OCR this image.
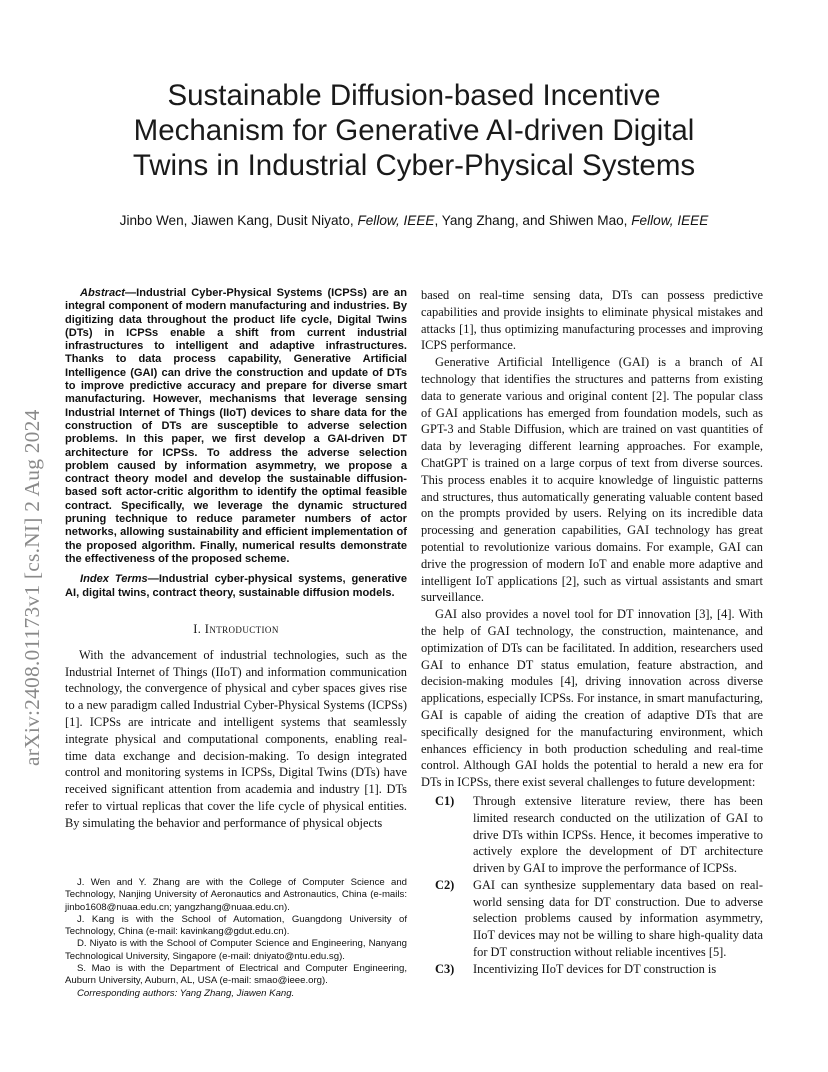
Sustainable Diffusion-based Incentive
Mechanism for Generative AI-driven Digital
Twins in Industrial Cyber-Physical Systems
Jinbo Wen, Jiawen Kang, Dusit Niyato, Fellow, IEEE, Yang Zhang, and Shiwen Mao, Fellow, IEEE
arXiv:2408.01173v1 [cs.NI] 2 Aug 2024

Abstract—Industrial Cyber-Physical Systems (ICPSs) are an integral component of modern manufacturing and industries. By digitizing data throughout the product life cycle, Digital Twins (DTs) in ICPSs enable a shift from current industrial infrastructures to intelligent and adaptive infrastructures. Thanks to data process capability, Generative Artificial Intelligence (GAI) can drive the construction and update of DTs to improve predictive accuracy and prepare for diverse smart manufacturing. However, mechanisms that leverage sensing Industrial Internet of Things (IIoT) devices to share data for the construction of DTs are susceptible to adverse selection problems. In this paper, we first develop a GAI-driven DT architecture for ICPSs. To address the adverse selection problem caused by information asymmetry, we propose a contract theory model and develop the sustainable diffusion-based soft actor-critic algorithm to identify the optimal feasible contract. Specifically, we leverage the dynamic structured pruning technique to reduce parameter numbers of actor networks, allowing sustainability and efficient implementation of the proposed algorithm. Finally, numerical results demonstrate the effectiveness of the proposed scheme.

Index Terms—Industrial cyber-physical systems, generative AI, digital twins, contract theory, sustainable diffusion models.

I. Introduction

With the advancement of industrial technologies, such as the Industrial Internet of Things (IIoT) and information communication technology, the convergence of physical and cyber spaces gives rise to a new paradigm called Industrial Cyber-Physical Systems (ICPSs) [1]. ICPSs are intricate and intelligent systems that seamlessly integrate physical and computational components, enabling real-time data exchange and decision-making. To design integrated control and monitoring systems in ICPSs, Digital Twins (DTs) have received significant attention from academia and industry [1]. DTs refer to virtual replicas that cover the life cycle of physical entities. By simulating the behavior and performance of physical objects

J. Wen and Y. Zhang are with the College of Computer Science and Technology, Nanjing University of Aeronautics and Astronautics, China (e-mails: jinbo1608@nuaa.edu.cn; yangzhang@nuaa.edu.cn).

J. Kang is with the School of Automation, Guangdong University of Technology, China (e-mail: kavinkang@gdut.edu.cn).

D. Niyato is with the School of Computer Science and Engineering, Nanyang Technological University, Singapore (e-mail: dniyato@ntu.edu.sg).

S. Mao is with the Department of Electrical and Computer Engineering, Auburn University, Auburn, AL, USA (e-mail: smao@ieee.org).

Corresponding authors: Yang Zhang, Jiawen Kang.

based on real-time sensing data, DTs can possess predictive capabilities and provide insights to eliminate physical mistakes and attacks [1], thus optimizing manufacturing processes and improving ICPS performance.

Generative Artificial Intelligence (GAI) is a branch of AI technology that identifies the structures and patterns from existing data to generate various and original content [2]. The popular class of GAI applications has emerged from foundation models, such as GPT-3 and Stable Diffusion, which are trained on vast quantities of data by leveraging different learning approaches. For example, ChatGPT is trained on a large corpus of text from diverse sources. This process enables it to acquire knowledge of linguistic patterns and structures, thus automatically generating valuable content based on the prompts provided by users. Relying on its incredible data processing and generation capabilities, GAI technology has great potential to revolutionize various domains. For example, GAI can drive the progression of modern IoT and enable more adaptive and intelligent IoT applications [2], such as virtual assistants and smart surveillance.

GAI also provides a novel tool for DT innovation [3], [4]. With the help of GAI technology, the construction, maintenance, and optimization of DTs can be facilitated. In addition, researchers used GAI to enhance DT status emulation, feature abstraction, and decision-making modules [4], driving innovation across diverse applications, especially ICPSs. For instance, in smart manufacturing, GAI is capable of aiding the creation of adaptive DTs that are specifically designed for the manufacturing environment, which enhances efficiency in both production scheduling and real-time control. Although GAI holds the potential to herald a new era for DTs in ICPSs, there exist several challenges to future development:

C1) Through extensive literature review, there has been limited research conducted on the utilization of GAI to drive DTs within ICPSs. Hence, it becomes imperative to actively explore the development of DT architecture driven by GAI to improve the performance of ICPSs.
C2) GAI can synthesize supplementary data based on real-world sensing data for DT construction. Due to adverse selection problems caused by information asymmetry, IIoT devices may not be willing to share high-quality data for DT construction without reliable incentives [5].
C3) Incentivizing IIoT devices for DT construction is
